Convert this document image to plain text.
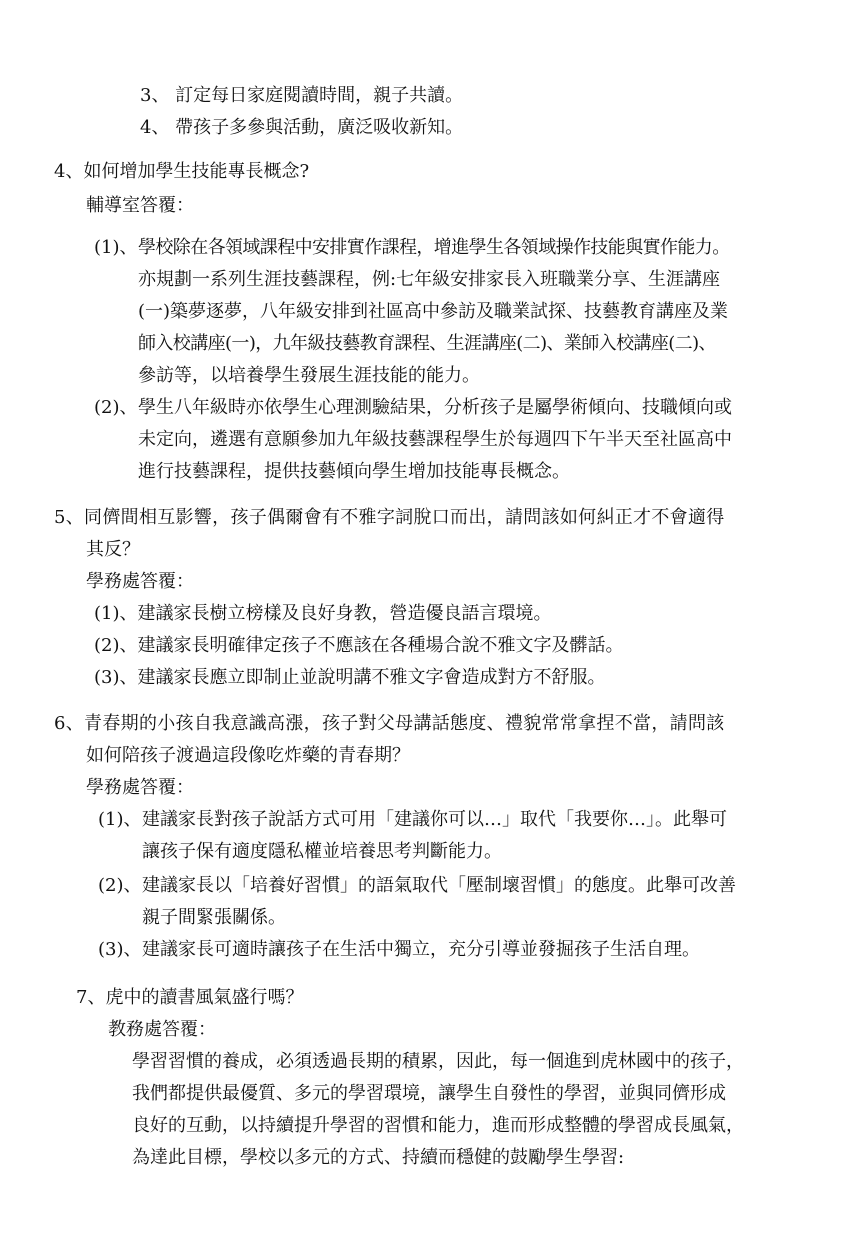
3、 訂定每日家庭閱讀時間，親子共讀。
4、 帶孩子多參與活動，廣泛吸收新知。
4、如何增加學生技能專長概念?
輔導室答覆：
(1)、 學校除在各領域課程中安排實作課程，增進學生各領域操作技能與實作能力。
亦規劃一系列生涯技藝課程，例:七年級安排家長入班職業分享、生涯講座
(一)築夢逐夢，八年級安排到社區高中參訪及職業試探、技藝教育講座及業
師入校講座(一)，九年級技藝教育課程、生涯講座(二)、業師入校講座(二)、
參訪等，以培養學生發展生涯技能的能力。
(2)、 學生八年級時亦依學生心理測驗結果，分析孩子是屬學術傾向、技職傾向或
未定向，遴選有意願參加九年級技藝課程學生於每週四下午半天至社區高中
進行技藝課程，提供技藝傾向學生增加技能專長概念。
5、同儕間相互影響，孩子偶爾會有不雅字詞脫口而出，請問該如何糾正才不會適得
其反？
學務處答覆：
(1)、建議家長樹立榜樣及良好身教，營造優良語言環境。
(2)、建議家長明確律定孩子不應該在各種場合說不雅文字及髒話。
(3)、建議家長應立即制止並說明講不雅文字會造成對方不舒服。
6、青春期的小孩自我意識高漲，孩子對父母講話態度、禮貌常常拿捏不當，請問該
如何陪孩子渡過這段像吃炸藥的青春期？
學務處答覆：
(1)、 建議家長對孩子說話方式可用「建議你可以…」取代「我要你…」。此舉可
讓孩子保有適度隱私權並培養思考判斷能力。
(2)、 建議家長以「培養好習慣」的語氣取代「壓制壞習慣」的態度。此舉可改善
親子間緊張關係。
(3)、 建議家長可適時讓孩子在生活中獨立，充分引導並發掘孩子生活自理。
7、虎中的讀書風氣盛行嗎？
教務處答覆：
學習習慣的養成，必須透過長期的積累，因此，每一個進到虎林國中的孩子，
我們都提供最優質、多元的學習環境，讓學生自發性的學習，並與同儕形成
良好的互動，以持續提升學習的習慣和能力，進而形成整體的學習成長風氣，
為達此目標，學校以多元的方式、持續而穩健的鼓勵學生學習:
